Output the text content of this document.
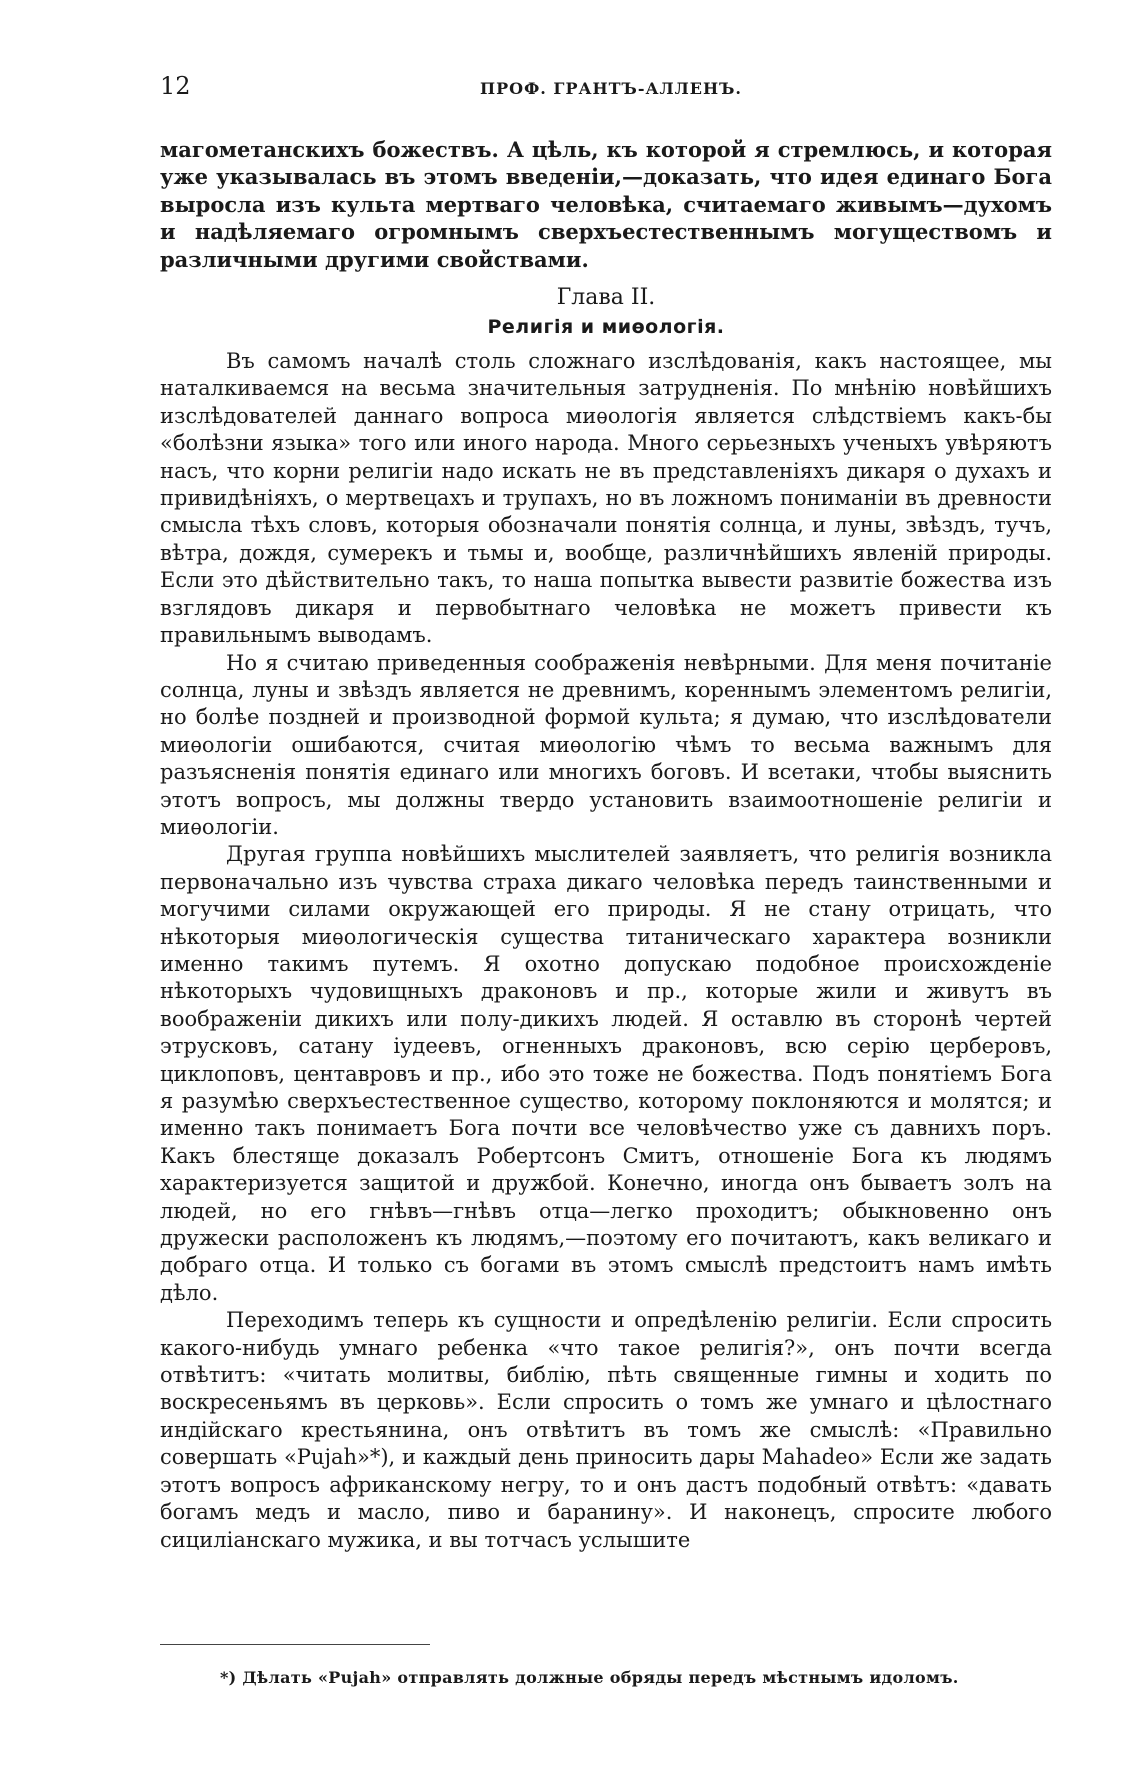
12	ПРОФ. ГРАНТЪ-АЛЛЕНЪ.

магометанскихъ божествъ. А цѣль, къ которой я стремлюсь, и которая уже указывалась въ этомъ введеніи,—доказать, что идея единаго Бога выросла изъ культа мертваго человѣка, считаемаго живымъ—духомъ и надѣляемаго огромнымъ сверхъестественнымъ могуществомъ и различными другими свойствами.

Глава II.
Религія и миѳологія.

Въ самомъ началѣ столь сложнаго изслѣдованія, какъ настоящее, мы наталкиваемся на весьма значительныя затрудненія. По мнѣнію новѣйшихъ изслѣдователей даннаго вопроса миѳологія является слѣдствіемъ какъ-бы «болѣзни языка» того или иного народа. Много серьезныхъ ученыхъ увѣряютъ насъ, что корни религіи надо искать не въ представленіяхъ дикаря о духахъ и привидѣніяхъ, о мертвецахъ и трупахъ, но въ ложномъ пониманіи въ древности смысла тѣхъ словъ, которыя обозначали понятія солнца, и луны, звѣздъ, тучъ, вѣтра, дождя, сумерекъ и тьмы и, вообще, различнѣйшихъ явленій природы. Если это дѣйствительно такъ, то наша попытка вывести развитіе божества изъ взглядовъ дикаря и первобытнаго человѣка не можетъ привести къ правильнымъ выводамъ.

Но я считаю приведенныя соображенія невѣрными. Для меня почитаніе солнца, луны и звѣздъ является не древнимъ, кореннымъ элементомъ религіи, но болѣе поздней и производной формой культа; я думаю, что изслѣдователи миѳологіи ошибаются, считая миѳологію чѣмъ то весьма важнымъ для разъясненія понятія единаго или многихъ боговъ. И всетаки, чтобы выяснить этотъ вопросъ, мы должны твердо установить взаимоотношеніе религіи и миѳологіи.

Другая группа новѣйшихъ мыслителей заявляетъ, что религія возникла первоначально изъ чувства страха дикаго человѣка передъ таинственными и могучими силами окружающей его природы. Я не стану отрицать, что нѣкоторыя миѳологическія существа титаническаго характера возникли именно такимъ путемъ. Я охотно допускаю подобное происхожденіе нѣкоторыхъ чудовищныхъ драконовъ и пр., которые жили и живутъ въ воображеніи дикихъ или полу-дикихъ людей. Я оставлю въ сторонѣ чертей этрусковъ, сатану іудеевъ, огненныхъ драконовъ, всю серію церберовъ, циклоповъ, центавровъ и пр., ибо это тоже не божества. Подъ понятіемъ Бога я разумѣю сверхъестественное существо, которому поклоняются и молятся; и именно такъ понимаетъ Бога почти все человѣчество уже съ давнихъ поръ. Какъ блестяще доказалъ Робертсонъ Смитъ, отношеніе Бога къ людямъ характеризуется защитой и дружбой. Конечно, иногда онъ бываетъ золъ на людей, но его гнѣвъ—гнѣвъ отца—легко проходитъ; обыкновенно онъ дружески расположенъ къ людямъ,—поэтому его почитаютъ, какъ великаго и добраго отца. И только съ богами въ этомъ смыслѣ предстоитъ намъ имѣть дѣло.

Переходимъ теперь къ сущности и опредѣленію религіи. Если спросить какого-нибудь умнаго ребенка «что такое религія?», онъ почти всегда отвѣтитъ: «читать молитвы, библію, пѣть священные гимны и ходить по воскресеньямъ въ церковь». Если спросить о томъ же умнаго и цѣлостнаго индійскаго крестьянина, онъ отвѣтитъ въ томъ же смыслѣ: «Правильно совершать «Pujah»*), и каждый день приносить дары Mahadeo» Если же задать этотъ вопросъ африканскому негру, то и онъ дастъ подобный отвѣтъ: «давать богамъ медъ и масло, пиво и баранину». И наконецъ, спросите любого сициліанскаго мужика, и вы тотчасъ услышите

*) Дѣлать «Pujah» отправлять должные обряды передъ мѣстнымъ идоломъ.
